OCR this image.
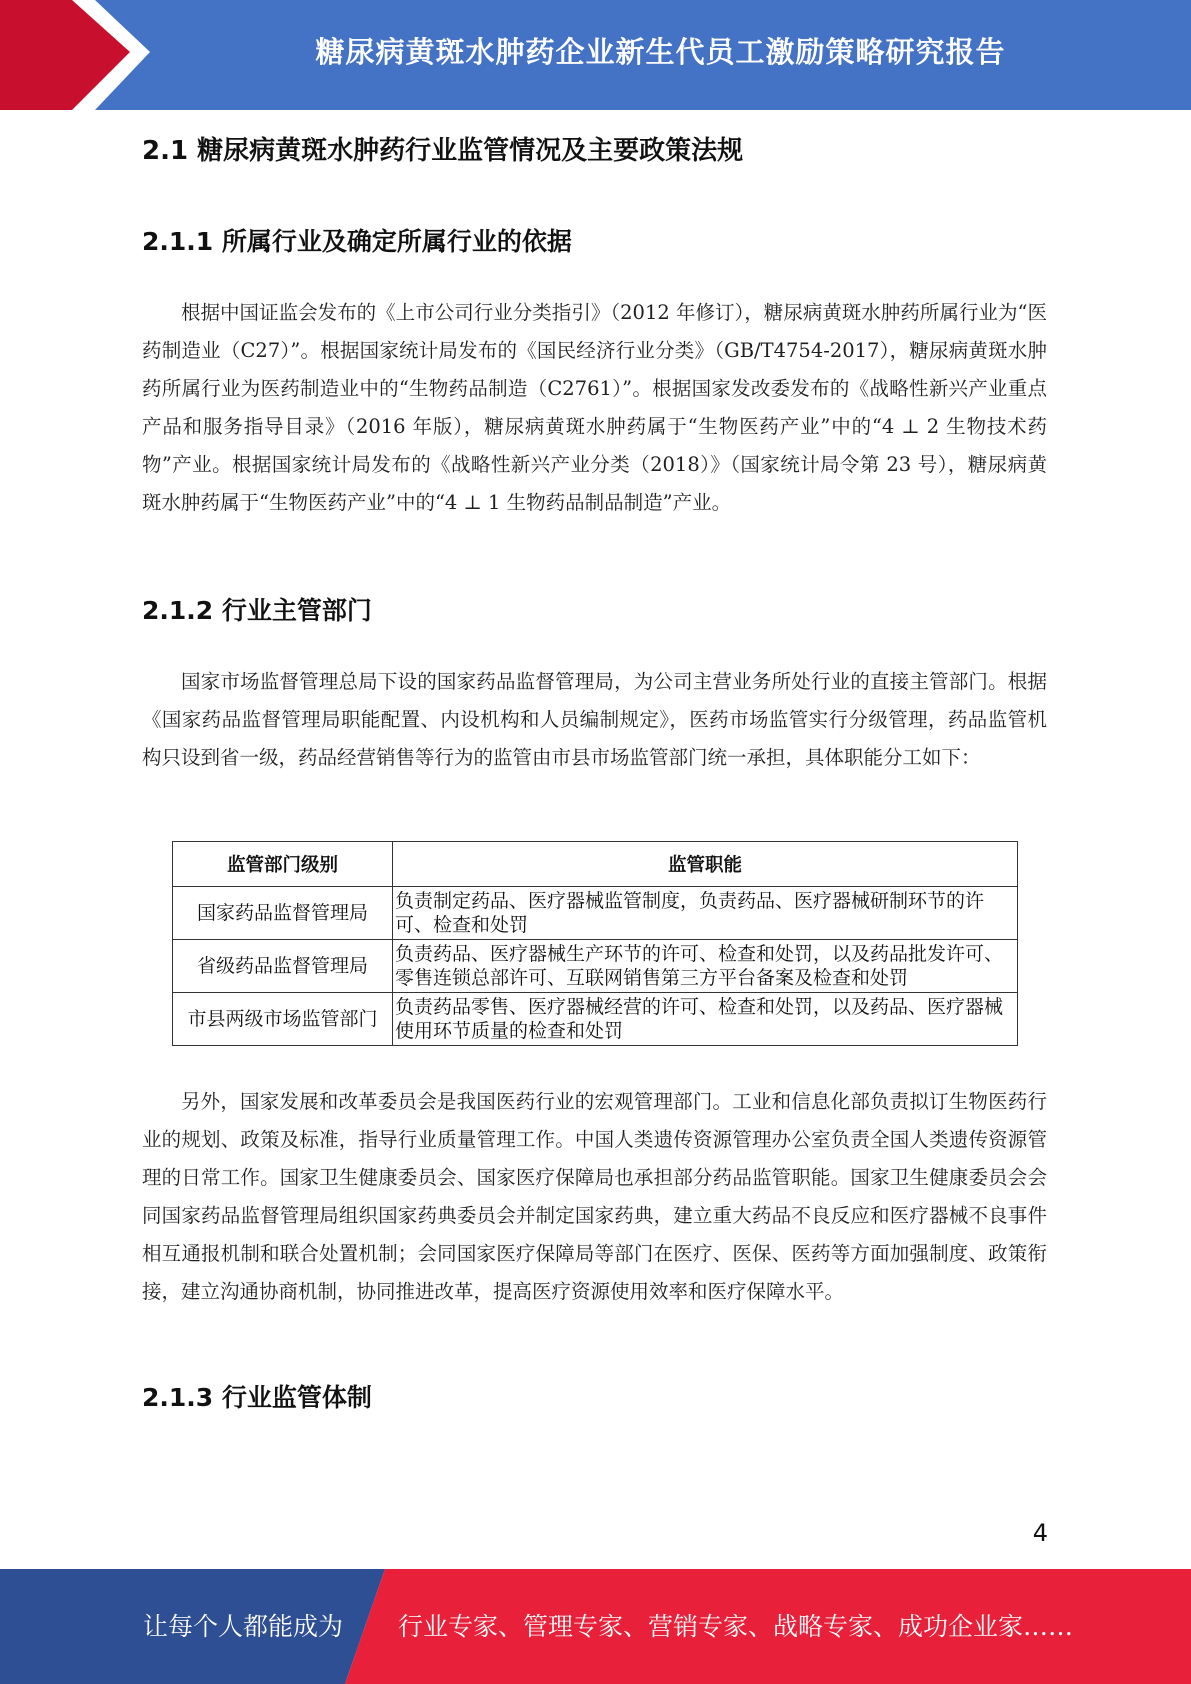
糖尿病黄斑水肿药企业新生代员工激励策略研究报告
2.1 糖尿病黄斑水肿药行业监管情况及主要政策法规
2.1.1 所属行业及确定所属行业的依据

根据中国证监会发布的《上市公司行业分类指引》（2012 年修订），糖尿病黄斑水肿药所属行业为“医药制造业（C27）”。根据国家统计局发布的《国民经济行业分类》（GB/T4754-2017），糖尿病黄斑水肿药所属行业为医药制造业中的“生物药品制造（C2761）”。根据国家发改委发布的《战略性新兴产业重点产品和服务指导目录》（2016 年版），糖尿病黄斑水肿药属于“生物医药产业”中的“4 ⊥ 2 生物技术药物”产业。根据国家统计局发布的《战略性新兴产业分类（2018）》（国家统计局令第 23 号），糖尿病黄斑水肿药属于“生物医药产业”中的“4 ⊥ 1 生物药品制品制造”产业。

2.1.2 行业主管部门

国家市场监督管理总局下设的国家药品监督管理局，为公司主营业务所处行业的直接主管部门。根据《国家药品监督管理局职能配置、内设机构和人员编制规定》，医药市场监管实行分级管理，药品监管机构只设到省一级，药品经营销售等行为的监管由市县市场监管部门统一承担，具体职能分工如下：

监管部门级别	监管职能
国家药品监督管理局	负责制定药品、医疗器械监管制度，负责药品、医疗器械研制环节的许可、检查和处罚
省级药品监督管理局	负责药品、医疗器械生产环节的许可、检查和处罚，以及药品批发许可、零售连锁总部许可、互联网销售第三方平台备案及检查和处罚
市县两级市场监管部门	负责药品零售、医疗器械经营的许可、检查和处罚，以及药品、医疗器械使用环节质量的检查和处罚

另外，国家发展和改革委员会是我国医药行业的宏观管理部门。工业和信息化部负责拟订生物医药行业的规划、政策及标准，指导行业质量管理工作。中国人类遗传资源管理办公室负责全国人类遗传资源管理的日常工作。国家卫生健康委员会、国家医疗保障局也承担部分药品监管职能。国家卫生健康委员会会同国家药品监督管理局组织国家药典委员会并制定国家药典，建立重大药品不良反应和医疗器械不良事件相互通报机制和联合处置机制；会同国家医疗保障局等部门在医疗、医保、医药等方面加强制度、政策衔接，建立沟通协商机制，协同推进改革，提高医疗资源使用效率和医疗保障水平。

2.1.3 行业监管体制
4
让每个人都能成为 行业专家、管理专家、营销专家、战略专家、成功企业家……
